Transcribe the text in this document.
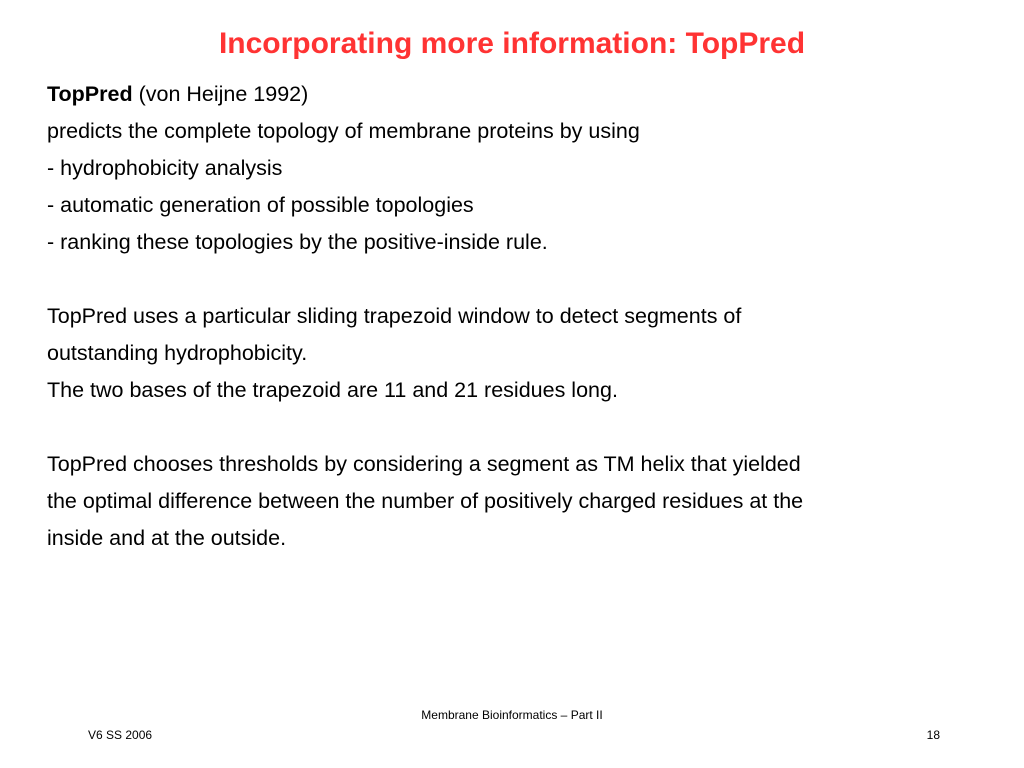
Incorporating more information: TopPred
TopPred (von Heijne 1992)
predicts the complete topology of membrane proteins by using
- hydrophobicity analysis
- automatic generation of possible topologies
- ranking these topologies by the positive-inside rule.
TopPred uses a particular sliding trapezoid window to detect segments of
outstanding hydrophobicity.
The two bases of the trapezoid are 11 and 21 residues long.
TopPred chooses thresholds by considering a segment as TM helix that yielded
the optimal difference between the number of positively charged residues at the
inside and at the outside.
Membrane Bioinformatics – Part II
V6 SS 2006	18
